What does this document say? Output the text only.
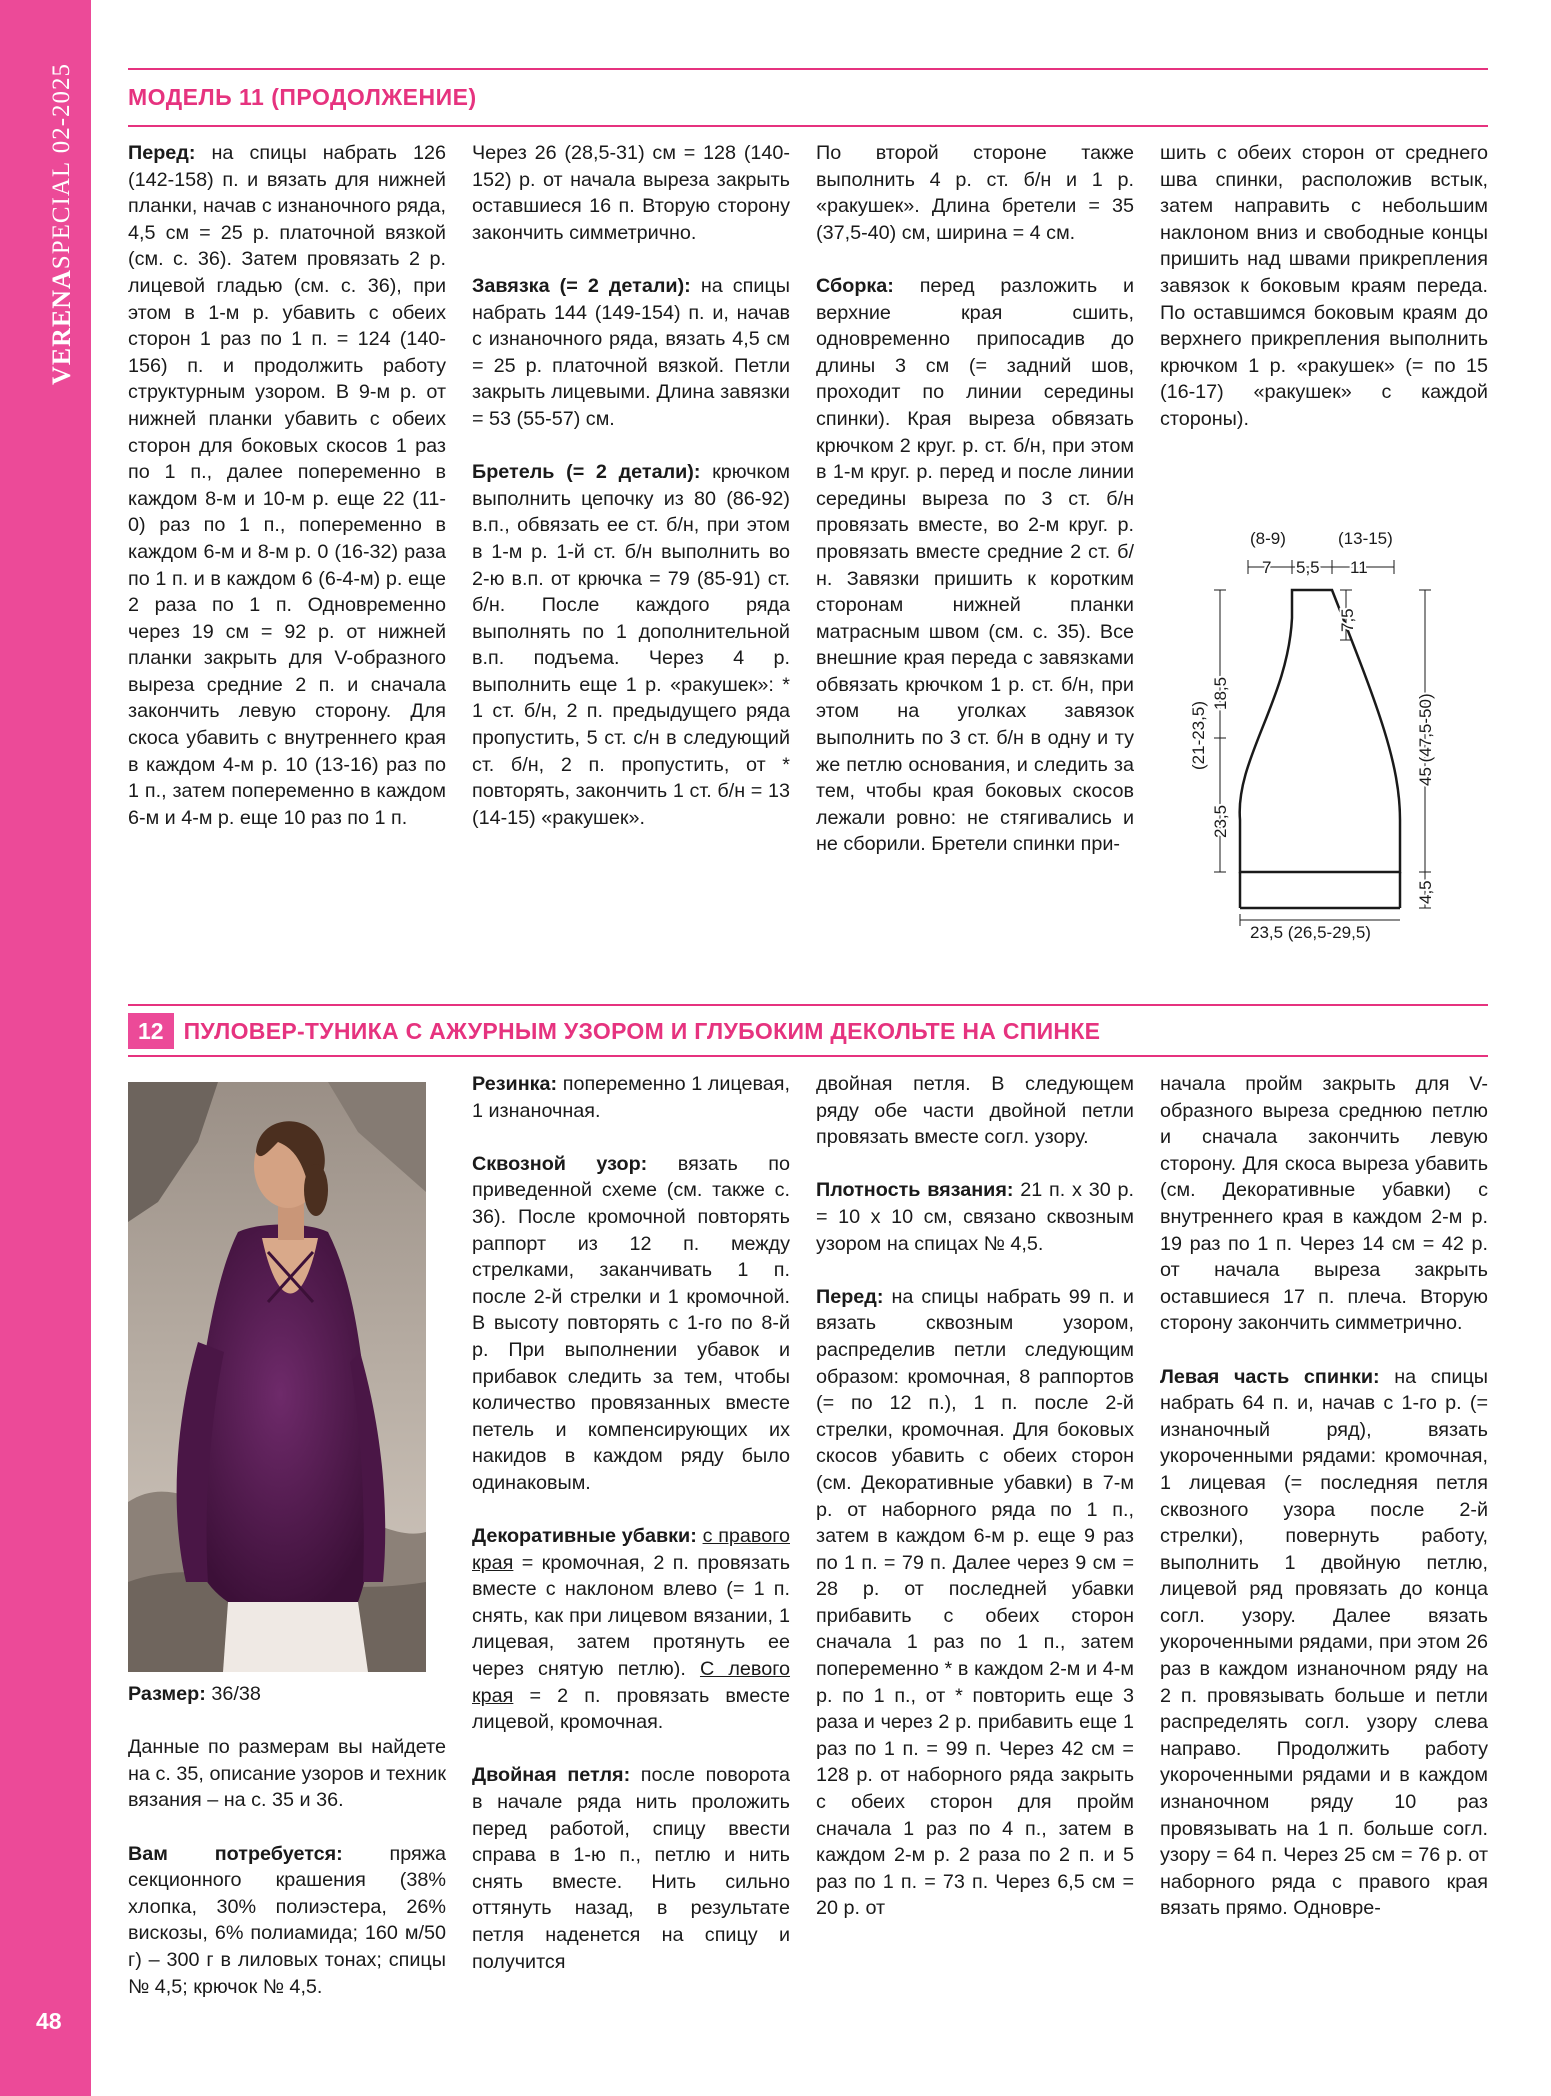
VERENASPECIAL 02-2025
48
МОДЕЛЬ 11 (ПРОДОЛЖЕНИЕ)

Перед: на спицы набрать 126 (142-158) п. и вязать для нижней планки, начав с изнаночного ряда, 4,5 см = 25 р. платочной вязкой (см. с. 36). Затем провязать 2 р. лицевой гладью (см. с. 36), при этом в 1-м р. убавить с обеих сторон 1 раз по 1 п. = 124 (140-156) п. и продолжить работу структурным узором. В 9-м р. от нижней планки убавить с обеих сторон для боковых скосов 1 раз по 1 п., далее попеременно в каждом 8-м и 10-м р. еще 22 (11-0) раз по 1 п., попеременно в каждом 6-м и 8-м р. 0 (16-32) раза по 1 п. и в каждом 6 (6-4-м) р. еще 2 раза по 1 п. Одновременно через 19 см = 92 р. от нижней планки закрыть для V-образного выреза средние 2 п. и сначала закончить левую сторону. Для скоса убавить с внутреннего края в каждом 4-м р. 10 (13-16) раз по 1 п., затем попеременно в каждом 6-м и 4-м р. еще 10 раз по 1 п.

Через 26 (28,5-31) см = 128 (140-152) р. от начала выреза закрыть оставшиеся 16 п. Вторую сторону закончить симметрично.

Завязка (= 2 детали): на спицы набрать 144 (149-154) п. и, начав с изнаночного ряда, вязать 4,5 см = 25 р. платочной вязкой. Петли закрыть лицевыми. Длина завязки = 53 (55-57) см.

Бретель (= 2 детали): крючком выполнить цепочку из 80 (86-92) в.п., обвязать ее ст. б/н, при этом в 1-м р. 1-й ст. б/н выполнить во 2-ю в.п. от крючка = 79 (85-91) ст. б/н. После каждого ряда выполнять по 1 дополнительной в.п. подъема. Через 4 р. выполнить еще 1 р. «ракушек»: * 1 ст. б/н, 2 п. предыдущего ряда пропустить, 5 ст. с/н в следующий ст. б/н, 2 п. пропустить, от * повторять, закончить 1 ст. б/н = 13 (14-15) «ракушек».

По второй стороне также выполнить 4 р. ст. б/н и 1 р. «ракушек». Длина бретели = 35 (37,5-40) см, ширина = 4 см.

Сборка: перед разложить и верхние края сшить, одновременно припосадив до длины 3 см (= задний шов, проходит по линии середины спинки). Края выреза обвязать крючком 2 круг. р. ст. б/н, при этом в 1-м круг. р. перед и после линии середины выреза по 3 ст. б/н провязать вместе, во 2-м круг. р. провязать вместе средние 2 ст. б/н. Завязки пришить к коротким сторонам нижней планки матрасным швом (см. с. 35). Все внешние края переда с завязками обвязать крючком 1 р. ст. б/н, при этом на уголках завязок выполнить по 3 ст. б/н в одну и ту же петлю основания, и следить за тем, чтобы края боковых скосов лежали ровно: не стягивались и не сборили. Бретели спинки при-

шить с обеих сторон от среднего шва спинки, расположив встык, затем направить с небольшим наклоном вниз и свободные концы пришить над швами прикрепления завязок к боковым краям переда. По оставшимся боковым краям до верхнего прикрепления выполнить крючком 1 р. «ракушек» (= по 15 (16-17) «ракушек» с каждой стороны).

(8-9)	(13-15)
7 5,5 11
7,5
(21-23,5)
18,5
23,5
45 (47,5-50)
4,5
23,5 (26,5-29,5)
12 ПУЛОВЕР-ТУНИКА С АЖУРНЫМ УЗОРОМ И ГЛУБОКИМ ДЕКОЛЬТЕ НА СПИНКЕ

Размер: 36/38

Данные по размерам вы найдете на с. 35, описание узоров и техник вязания – на с. 35 и 36.

Вам потребуется: пряжа секционного крашения (38% хлопка, 30% полиэстера, 26% вискозы, 6% полиамида; 160 м/50 г) – 300 г в лиловых тонах; спицы № 4,5; крючок № 4,5.

Резинка: попеременно 1 лицевая, 1 изнаночная.

Сквозной узор: вязать по приведенной схеме (см. также с. 36). После кромочной повторять раппорт из 12 п. между стрелками, заканчивать 1 п. после 2-й стрелки и 1 кромочной. В высоту повторять с 1-го по 8-й р. При выполнении убавок и прибавок следить за тем, чтобы количество провязанных вместе петель и компенсирующих их накидов в каждом ряду было одинаковым.

Декоративные убавки: с правого края = кромочная, 2 п. провязать вместе с наклоном влево (= 1 п. снять, как при лицевом вязании, 1 лицевая, затем протянуть ее через снятую петлю). С левого края = 2 п. провязать вместе лицевой, кромочная.

Двойная петля: после поворота в начале ряда нить проложить перед работой, спицу ввести справа в 1-ю п., петлю и нить снять вместе. Нить сильно оттянуть назад, в результате петля наденется на спицу и получится

двойная петля. В следующем ряду обе части двойной петли провязать вместе согл. узору.

Плотность вязания: 21 п. х 30 р. = 10 х 10 см, связано сквозным узором на спицах № 4,5.

Перед: на спицы набрать 99 п. и вязать сквозным узором, распределив петли следующим образом: кромочная, 8 раппортов (= по 12 п.), 1 п. после 2-й стрелки, кромочная. Для боковых скосов убавить с обеих сторон (см. Декоративные убавки) в 7-м р. от наборного ряда по 1 п., затем в каждом 6-м р. еще 9 раз по 1 п. = 79 п. Далее через 9 см = 28 р. от последней убавки прибавить с обеих сторон сначала 1 раз по 1 п., затем попеременно * в каждом 2-м и 4-м р. по 1 п., от * повторить еще 3 раза и через 2 р. прибавить еще 1 раз по 1 п. = 99 п. Через 42 см = 128 р. от наборного ряда закрыть с обеих сторон для пройм сначала 1 раз по 4 п., затем в каждом 2-м р. 2 раза по 2 п. и 5 раз по 1 п. = 73 п. Через 6,5 см = 20 р. от

начала пройм закрыть для V-образного выреза среднюю петлю и сначала закончить левую сторону. Для скоса выреза убавить (см. Декоративные убавки) с внутреннего края в каждом 2-м р. 19 раз по 1 п. Через 14 см = 42 р. от начала выреза закрыть оставшиеся 17 п. плеча. Вторую сторону закончить симметрично.

Левая часть спинки: на спицы набрать 64 п. и, начав с 1-го р. (= изнаночный ряд), вязать укороченными рядами: кромочная, 1 лицевая (= последняя петля сквозного узора после 2-й стрелки), повернуть работу, выполнить 1 двойную петлю, лицевой ряд провязать до конца согл. узору. Далее вязать укороченными рядами, при этом 26 раз в каждом изнаночном ряду на 2 п. провязывать больше и петли распределять согл. узору слева направо. Продолжить работу укороченными рядами и в каждом изнаночном ряду 10 раз провязывать на 1 п. больше согл. узору = 64 п. Через 25 см = 76 р. от наборного ряда с правого края вязать прямо. Одновре-
